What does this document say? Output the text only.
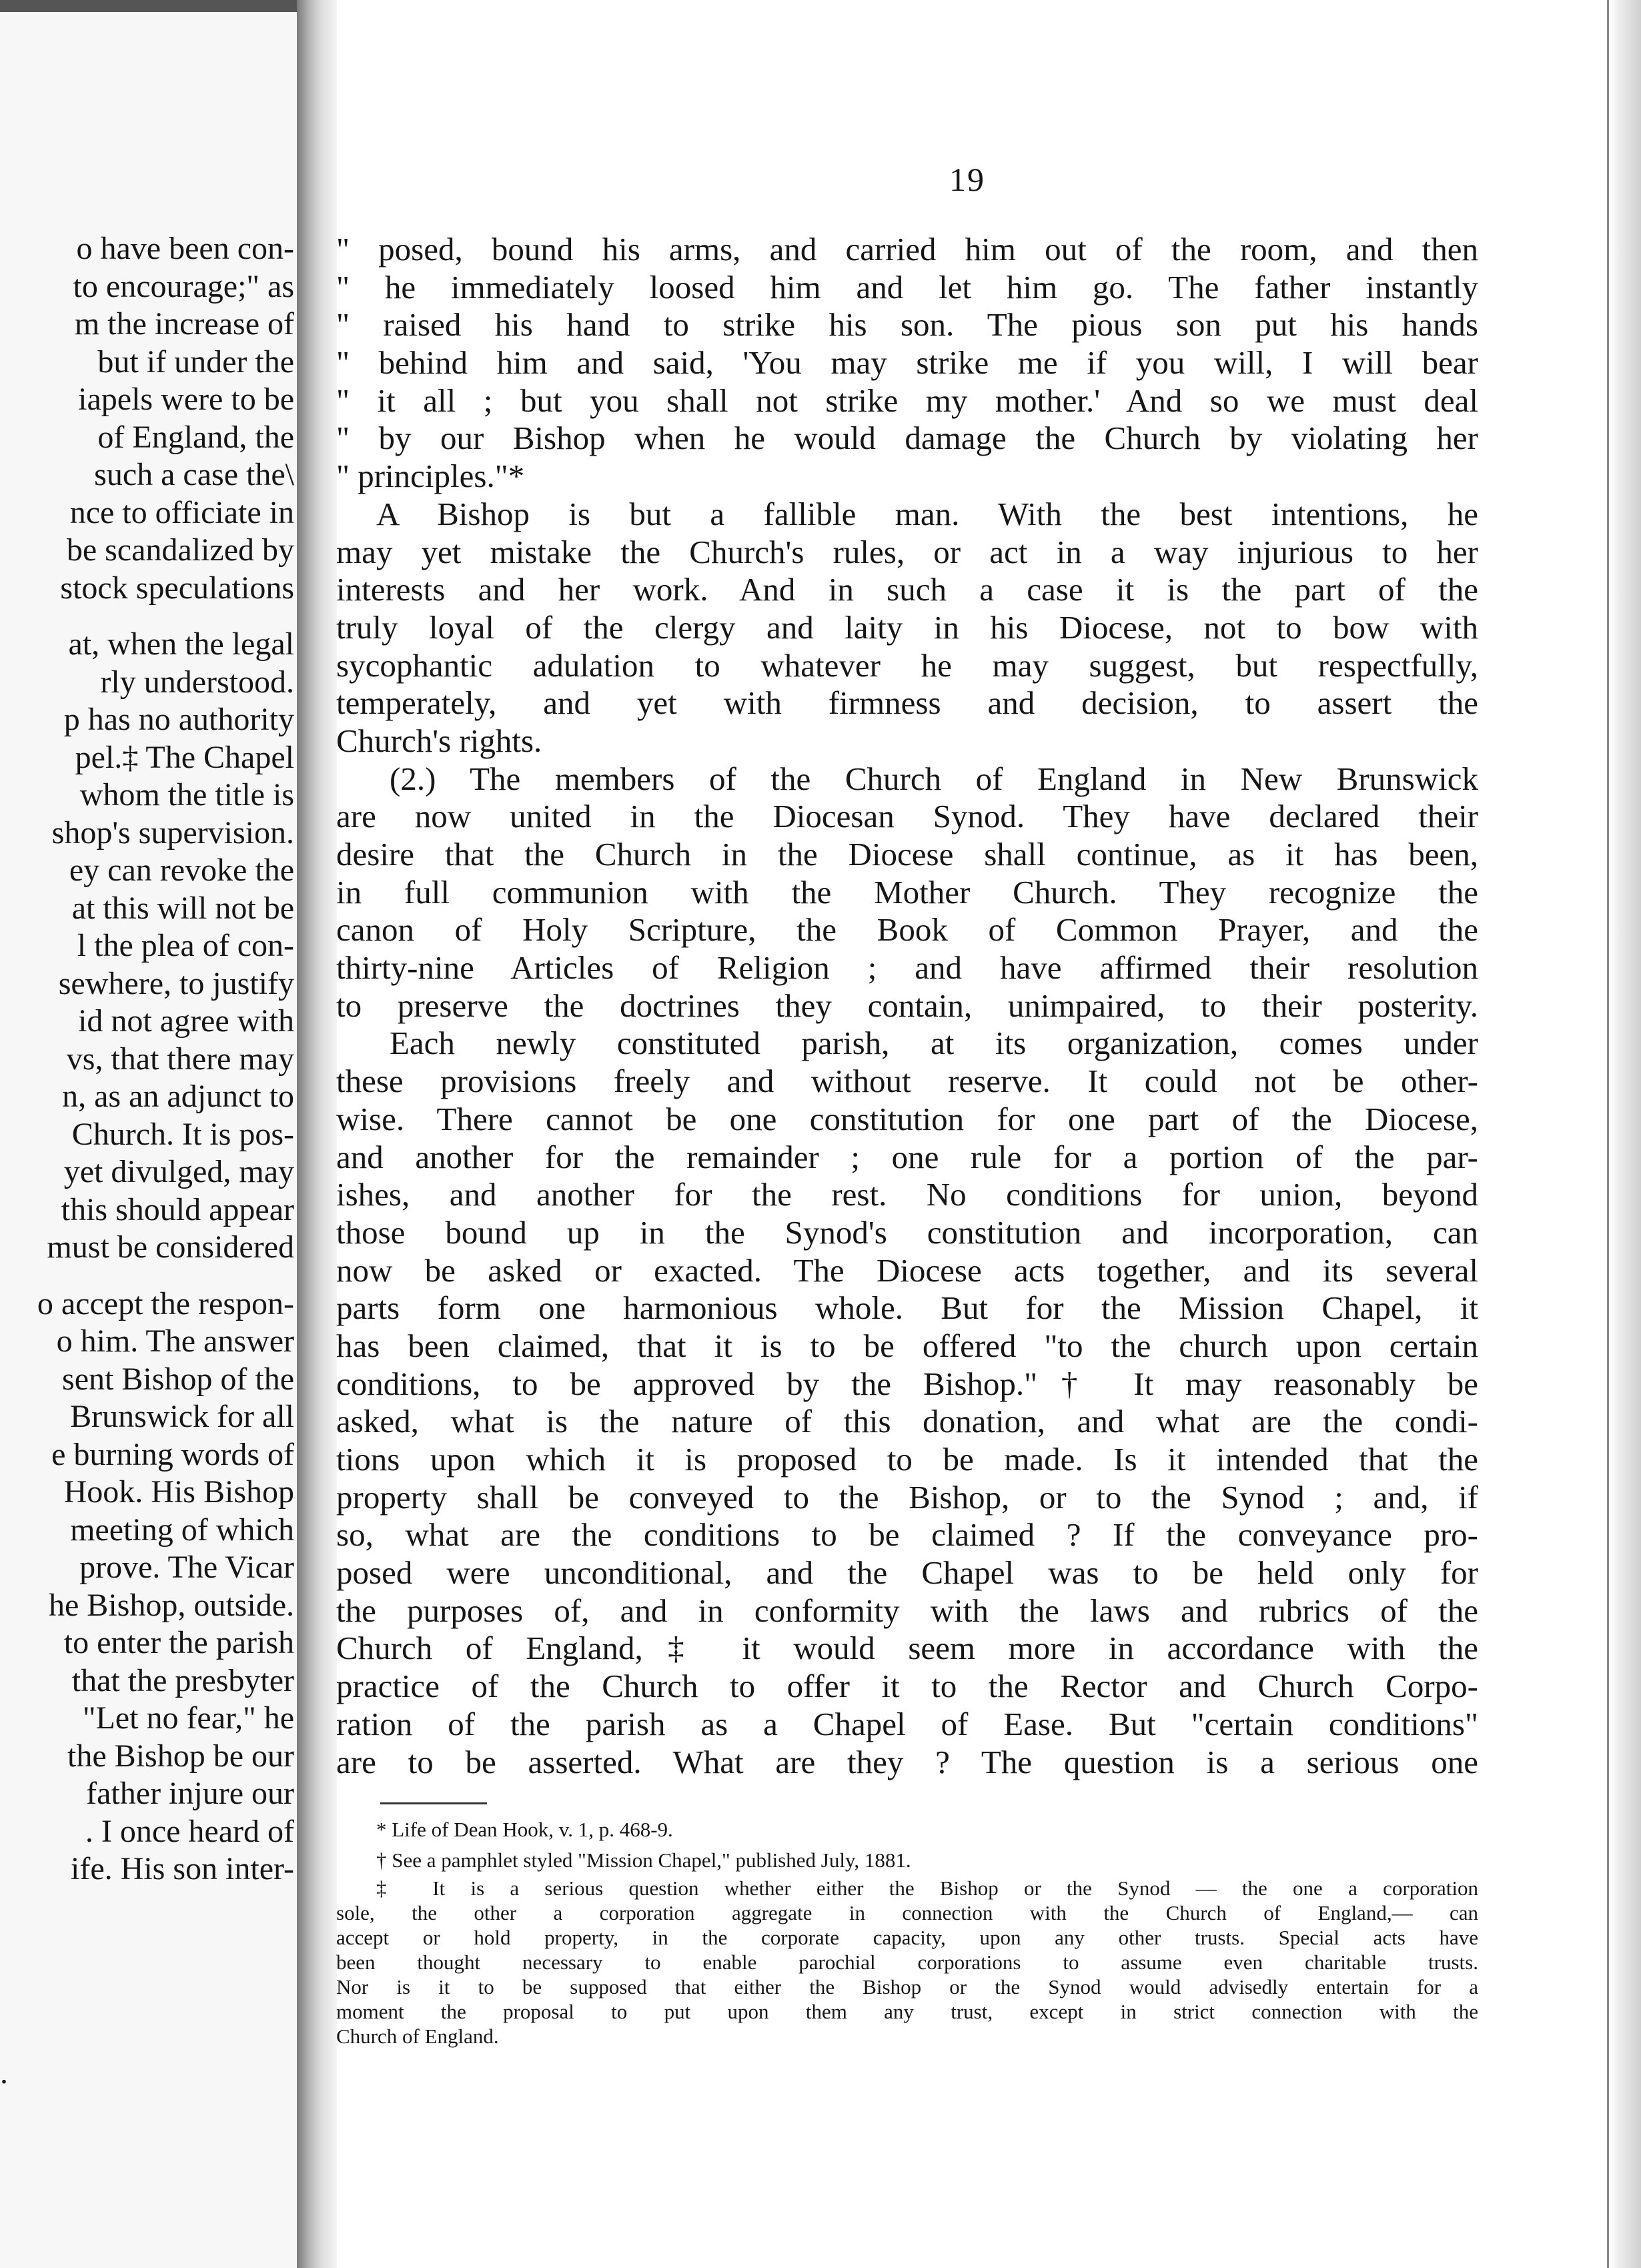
o have been con-
to encourage;" as
m the increase of
but if under the
iapels were to be
of England, the
such a case the\
nce to officiate in
be scandalized by
stock speculations
at, when the legal
rly understood.
p has no authority
pel.‡ The Chapel
whom the title is
shop's supervision.
ey can revoke the
at this will not be
l the plea of con-
sewhere, to justify
id not agree with
vs, that there may
n, as an adjunct to
Church. It is pos-
yet divulged, may
this should appear
must be considered
o accept the respon-
o him. The answer
sent Bishop of the
Brunswick for all
e burning words of
Hook. His Bishop
meeting of which
prove. The Vicar
he Bishop, outside.
to enter the parish
that the presbyter
"Let no fear," he
the Bishop be our
father injure our
. I once heard of
ife. His son inter-
.
19
" posed, bound his arms, and carried him out of the room, and then
" he immediately loosed him and let him go. The father instantly
" raised his hand to strike his son. The pious son put his hands
" behind him and said, 'You may strike me if you will, I will bear
" it all ; but you shall not strike my mother.' And so we must deal
" by our Bishop when he would damage the Church by violating her
" principles."*
A Bishop is but a fallible man. With the best intentions, he
may yet mistake the Church's rules, or act in a way injurious to her
interests and her work. And in such a case it is the part of the
truly loyal of the clergy and laity in his Diocese, not to bow with
sycophantic adulation to whatever he may suggest, but respectfully,
temperately, and yet with firmness and decision, to assert the
Church's rights.
(2.) The members of the Church of England in New Brunswick
are now united in the Diocesan Synod. They have declared their
desire that the Church in the Diocese shall continue, as it has been,
in full communion with the Mother Church. They recognize the
canon of Holy Scripture, the Book of Common Prayer, and the
thirty-nine Articles of Religion ; and have affirmed their resolution
to preserve the doctrines they contain, unimpaired, to their posterity.
Each newly constituted parish, at its organization, comes under
these provisions freely and without reserve. It could not be other-
wise. There cannot be one constitution for one part of the Diocese,
and another for the remainder ; one rule for a portion of the par-
ishes, and another for the rest. No conditions for union, beyond
those bound up in the Synod's constitution and incorporation, can
now be asked or exacted. The Diocese acts together, and its several
parts form one harmonious whole. But for the Mission Chapel, it
has been claimed, that it is to be offered "to the church upon certain
conditions, to be approved by the Bishop."† It may reasonably be
asked, what is the nature of this donation, and what are the condi-
tions upon which it is proposed to be made. Is it intended that the
property shall be conveyed to the Bishop, or to the Synod ; and, if
so, what are the conditions to be claimed ? If the conveyance pro-
posed were unconditional, and the Chapel was to be held only for
the purposes of, and in conformity with the laws and rubrics of the
Church of England,‡ it would seem more in accordance with the
practice of the Church to offer it to the Rector and Church Corpo-
ration of the parish as a Chapel of Ease. But "certain conditions"
are to be asserted. What are they ? The question is a serious one
* Life of Dean Hook, v. 1, p. 468-9.
† See a pamphlet styled "Mission Chapel," published July, 1881.
‡ It is a serious question whether either the Bishop or the Synod — the one a corporation
sole, the other a corporation aggregate in connection with the Church of England,— can
accept or hold property, in the corporate capacity, upon any other trusts. Special acts have
been thought necessary to enable parochial corporations to assume even charitable trusts.
Nor is it to be supposed that either the Bishop or the Synod would advisedly entertain for a
moment the proposal to put upon them any trust, except in strict connection with the
Church of England.
